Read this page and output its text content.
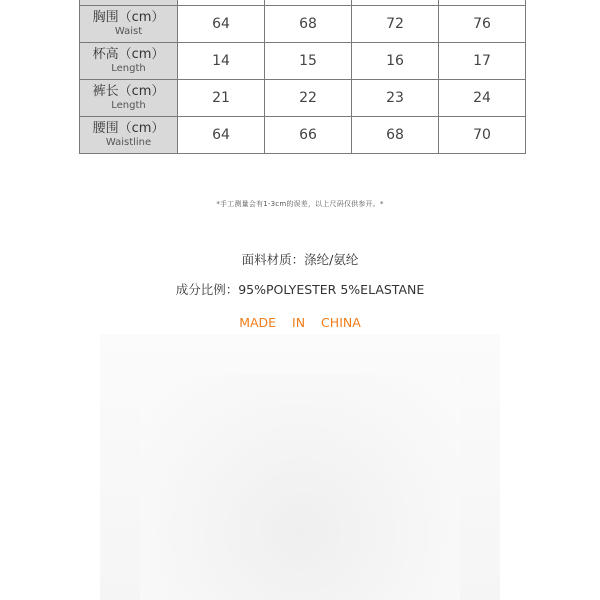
胸围（cm）
Waist	64	68	72	76

杯高（cm）
Length	14	15	16	17

裤长（cm）
Length	21	22	23	24

腰围（cm）
Waistline	64	66	68	70
*手工测量会有1-3cm的误差，以上尺码仅供参开。*
面料材质：涤纶/氨纶
成分比例：95%POLYESTER 5%ELASTANE
MADE IN CHINA
